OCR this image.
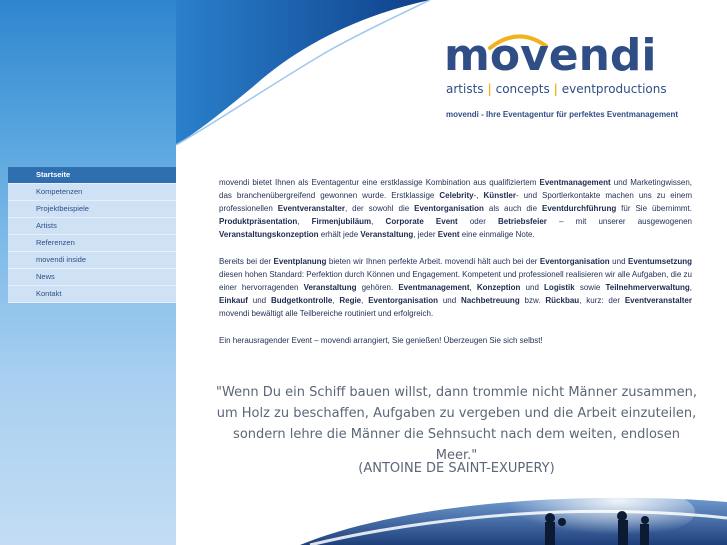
movendi
artists | concepts | eventproductions
movendi - Ihre Eventagentur für perfektes Eventmanagement
Startseite
Kompetenzen
Projektbeispiele
Artists
Referenzen
movendi inside
News
Kontakt

movendi bietet Ihnen als Eventagentur eine erstklassige Kombination aus qualifiziertem Eventmanagement und Marketingwissen, das branchenübergreifend gewonnen wurde. Erstklassige Celebrity-, Künstler- und Sportlerkontakte machen uns zu einem professionellen Eventveranstalter, der sowohl die Eventorganisation als auch die Eventdurchführung für Sie übernimmt. Produktpräsentation, Firmenjubiläum, Corporate Event oder Betriebsfeier – mit unserer ausgewogenen Veranstaltungskonzeption erhält jede Veranstaltung, jeder Event eine einmalige Note.

Bereits bei der Eventplanung bieten wir Ihnen perfekte Arbeit. movendi hält auch bei der Eventorganisation und Eventumsetzung diesen hohen Standard: Perfektion durch Können und Engagement. Kompetent und professionell realisieren wir alle Aufgaben, die zu einer hervorragenden Veranstaltung gehören. Eventmanagement, Konzeption und Logistik sowie Teilnehmerverwaltung, Einkauf und Budgetkontrolle, Regie, Eventorganisation und Nachbetreuung bzw. Rückbau, kurz: der Eventveranstalter movendi bewältigt alle Teilbereiche routiniert und erfolgreich.

Ein herausragender Event – movendi arrangiert, Sie genießen! Überzeugen Sie sich selbst!

"Wenn Du ein Schiff bauen willst, dann trommle nicht Männer zusammen,
um Holz zu beschaffen, Aufgaben zu vergeben und die Arbeit einzuteilen,
sondern lehre die Männer die Sehnsucht nach dem weiten, endlosen Meer."
(ANTOINE DE SAINT-EXUPERY)
